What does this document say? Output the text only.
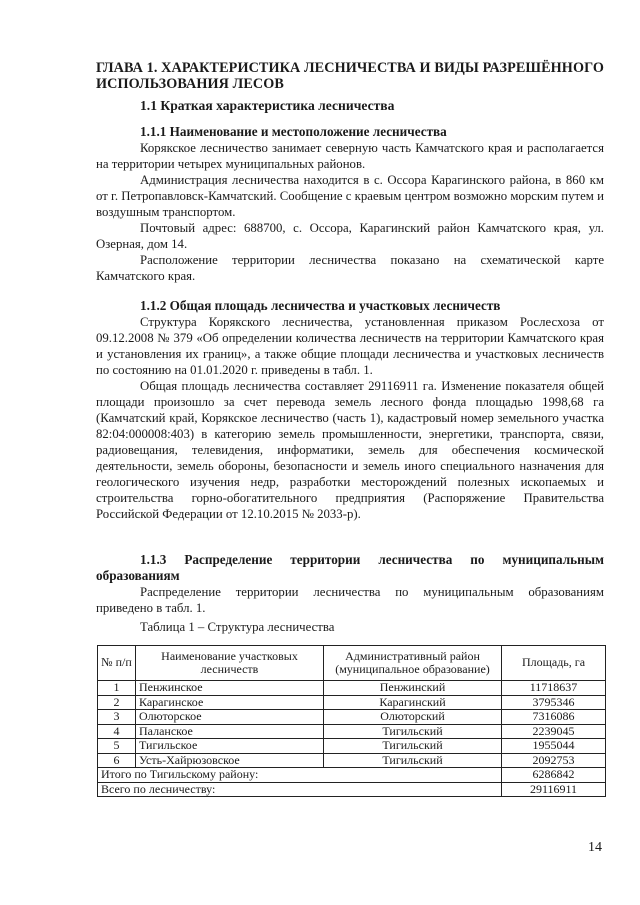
ГЛАВА 1. ХАРАКТЕРИСТИКА ЛЕСНИЧЕСТВА И ВИДЫ РАЗРЕШЁННОГО ИСПОЛЬЗОВАНИЯ ЛЕСОВ
1.1 Краткая характеристика лесничества
1.1.1 Наименование и местоположение лесничества

Корякское лесничество занимает северную часть Камчатского края и располагается на территории четырех муниципальных районов.

Администрация лесничества находится в с. Оссора Карагинского района, в 860 км от г. Петропавловск-Камчатский. Сообщение с краевым центром возможно морским путем и воздушным транспортом.

Почтовый адрес: 688700, с. Оссора, Карагинский район Камчатского края, ул. Озерная, дом 14.

Расположение территории лесничества показано на схематической карте Камчатского края.

1.1.2 Общая площадь лесничества и участковых лесничеств

Структура Корякского лесничества, установленная приказом Рослесхоза от 09.12.2008 № 379 «Об определении количества лесничеств на территории Камчатского края и установления их границ», а также общие площади лесничества и участковых лесничеств по состоянию на 01.01.2020 г. приведены в табл. 1.

Общая площадь лесничества составляет 29116911 га. Изменение показателя общей площади произошло за счет перевода земель лесного фонда площадью 1998,68 га (Камчатский край, Корякское лесничество (часть 1), кадастровый номер земельного участка 82:04:000008:403) в категорию земель промышленности, энергетики, транспорта, связи, радиовещания, телевидения, информатики, земель для обеспечения космической деятельности, земель обороны, безопасности и земель иного специального назначения для геологического изучения недр, разработки месторождений полезных ископаемых и строительства горно-обогатительного предприятия (Распоряжение Правительства Российской Федерации от 12.10.2015 № 2033-р).

1.1.3 Распределение территории лесничества по муниципальным образованиям

Распределение территории лесничества по муниципальным образованиям приведено в табл. 1.

Таблица 1 – Структура лесничества
№ п/п	Наименование участковых лесничеств	Административный район (муниципальное образование)	Площадь, га
1	Пенжинское	Пенжинский	11718637
2	Карагинское	Карагинский	3795346
3	Олюторское	Олюторский	7316086
4	Паланское	Тигильский	2239045
5	Тигильское	Тигильский	1955044
6	Усть-Хайрюзовское	Тигильский	2092753
Итого по Тигильскому району:			6286842
Всего по лесничеству:			29116911
14
